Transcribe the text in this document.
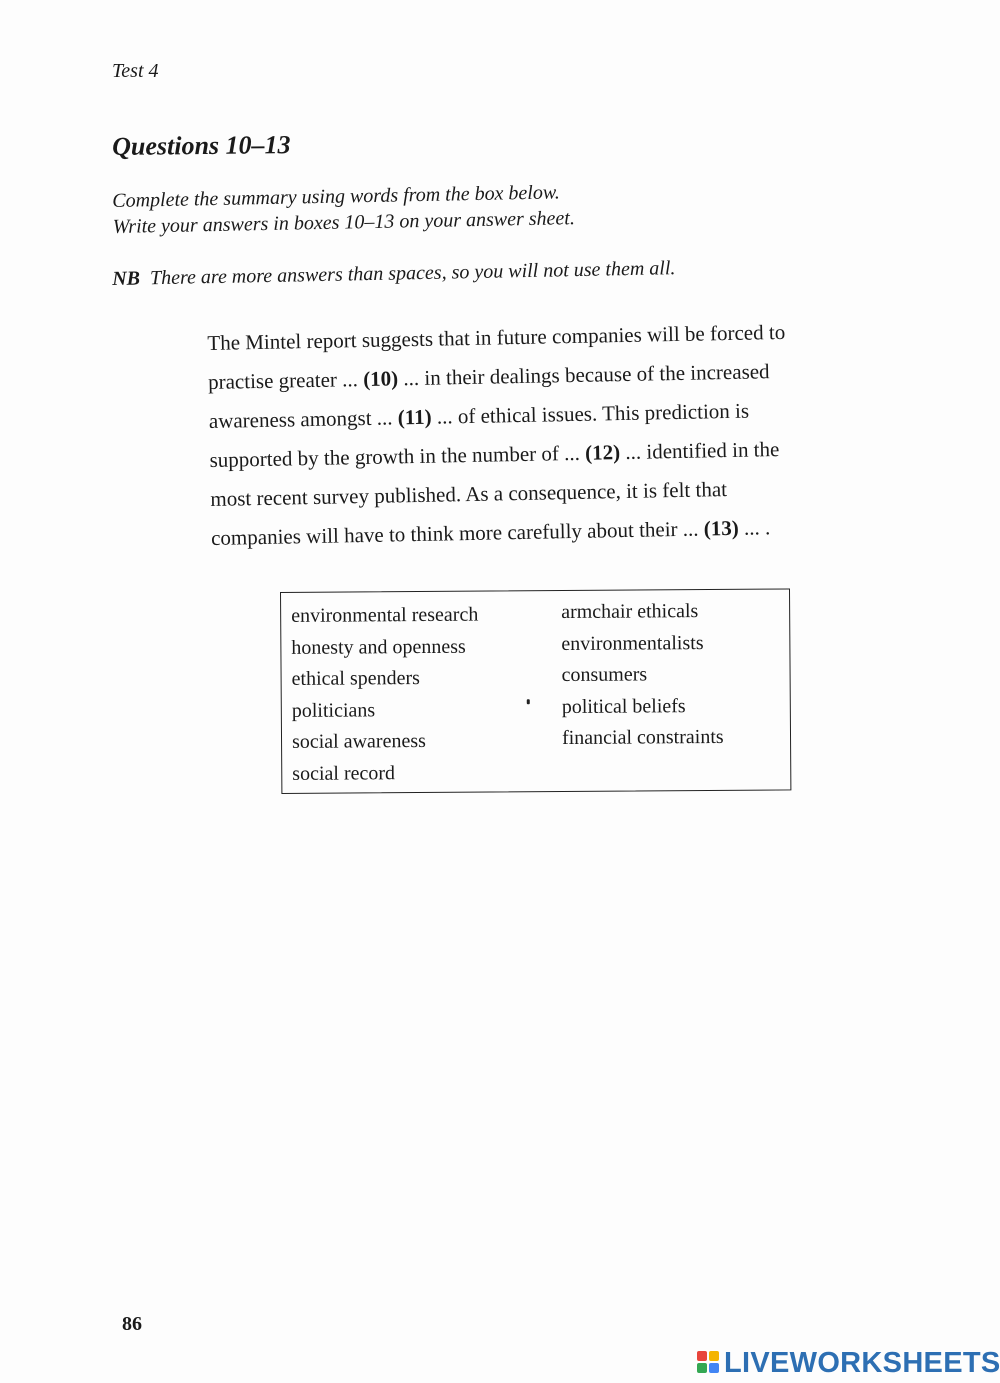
Test 4
Questions 10–13
Complete the summary using words from the box below.
Write your answers in boxes 10–13 on your answer sheet.
NB There are more answers than spaces, so you will not use them all.
The Mintel report suggests that in future companies will be forced to
practise greater ... (10) ... in their dealings because of the increased
awareness amongst ... (11) ... of ethical issues. This prediction is
supported by the growth in the number of ... (12) ... identified in the
most recent survey published. As a consequence, it is felt that
companies will have to think more carefully about their ... (13) ... .
environmental research
honesty and openness
ethical spenders
politicians
social awareness
social record
armchair ethicals
environmentalists
consumers
political beliefs
financial constraints
86
LIVEWORKSHEETS
